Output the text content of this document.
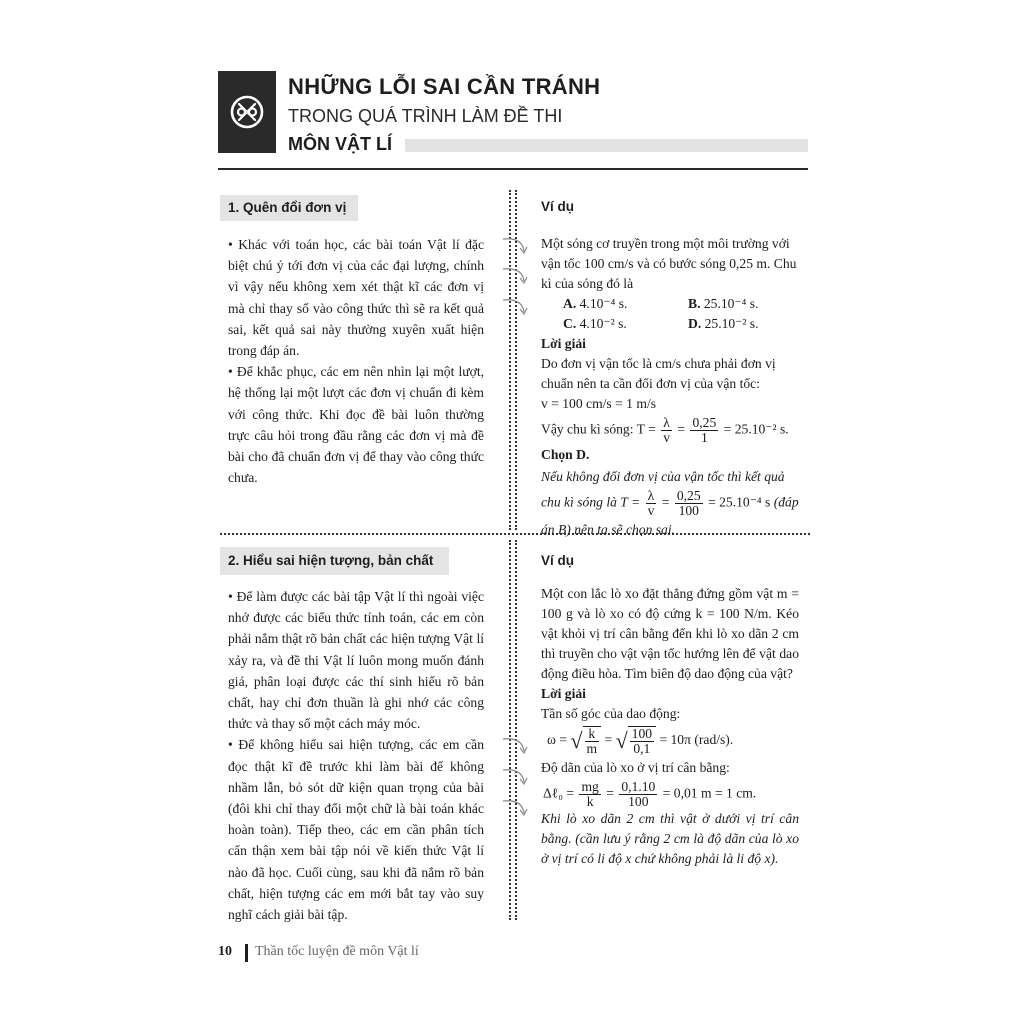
NHỮNG LỖI SAI CẦN TRÁNH
TRONG QUÁ TRÌNH LÀM ĐỀ THI
MÔN VẬT LÍ
1. Quên đổi đơn vị

• Khác với toán học, các bài toán Vật lí đặc biệt chú ý tới đơn vị của các đại lượng, chính vì vậy nếu không xem xét thật kĩ các đơn vị mà chỉ thay số vào công thức thì sẽ ra kết quả sai, kết quả sai này thường xuyên xuất hiện trong đáp án.

• Để khắc phục, các em nên nhìn lại một lượt, hệ thống lại một lượt các đơn vị chuẩn đi kèm với công thức. Khi đọc đề bài luôn thường trực câu hỏi trong đầu rằng các đơn vị mà đề bài cho đã chuẩn đơn vị để thay vào công thức chưa.

Ví dụ

Một sóng cơ truyền trong một môi trường với vận tốc 100 cm/s và có bước sóng 0,25 m. Chu kì của sóng đó là

A. 4.10⁻⁴ s.	B. 25.10⁻⁴ s.
C. 4.10⁻² s.	D. 25.10⁻² s.

Lời giải

Do đơn vị vận tốc là cm/s chưa phải đơn vị chuẩn nên ta cần đổi đơn vị của vận tốc:

v = 100 cm/s = 1 m/s

Vậy chu kì sóng: $T = \frac{\lambda}{v} = \frac{0,25}{1} = 25.10^{-2}$ s.

Chọn D.

Nếu không đổi đơn vị của vận tốc thì kết quả chu kì sóng là $T = \frac{\lambda}{v} = \frac{0,25}{100} = 25.10^{-4}$ s (đáp án B) nên ta sẽ chọn sai.
2. Hiểu sai hiện tượng, bản chất

• Để làm được các bài tập Vật lí thì ngoài việc nhớ được các biểu thức tính toán, các em còn phải nắm thật rõ bản chất các hiện tượng Vật lí xảy ra, và đề thi Vật lí luôn mong muốn đánh giá, phân loại được các thí sinh hiểu rõ bản chất, hay chỉ đơn thuần là ghi nhớ các công thức và thay số một cách máy móc.

• Để không hiểu sai hiện tượng, các em cần đọc thật kĩ đề trước khi làm bài để không nhầm lẫn, bỏ sót dữ kiện quan trọng của bài (đôi khi chỉ thay đổi một chữ là bài toán khác hoàn toàn). Tiếp theo, các em cần phân tích cẩn thận xem bài tập nói về kiến thức Vật lí nào đã học. Cuối cùng, sau khi đã nắm rõ bản chất, hiện tượng các em mới bắt tay vào suy nghĩ cách giải bài tập.

Ví dụ

Một con lắc lò xo đặt thẳng đứng gồm vật m = 100 g và lò xo có độ cứng k = 100 N/m. Kéo vật khỏi vị trí cân bằng đến khi lò xo dãn 2 cm thì truyền cho vật vận tốc hướng lên để vật dao động điều hòa. Tìm biên độ dao động của vật?

Lời giải

Tần số góc của dao động:

ω = √ $\frac{k}{m}$ = √ $\frac{100}{0,1} = 10\pi$ (rad/s).

Độ dãn của lò xo ở vị trí cân bằng:

Δℓ₀ = $\frac{mg}{k} = \frac{0,1.10}{100} = 0,01$ m = 1 cm.

Khi lò xo dãn 2 cm thì vật ở dưới vị trí cân bằng. (cần lưu ý rằng 2 cm là độ dãn của lò xo ở vị trí có li độ x chứ không phải là li độ x).

10 Thần tốc luyện đề môn Vật lí
